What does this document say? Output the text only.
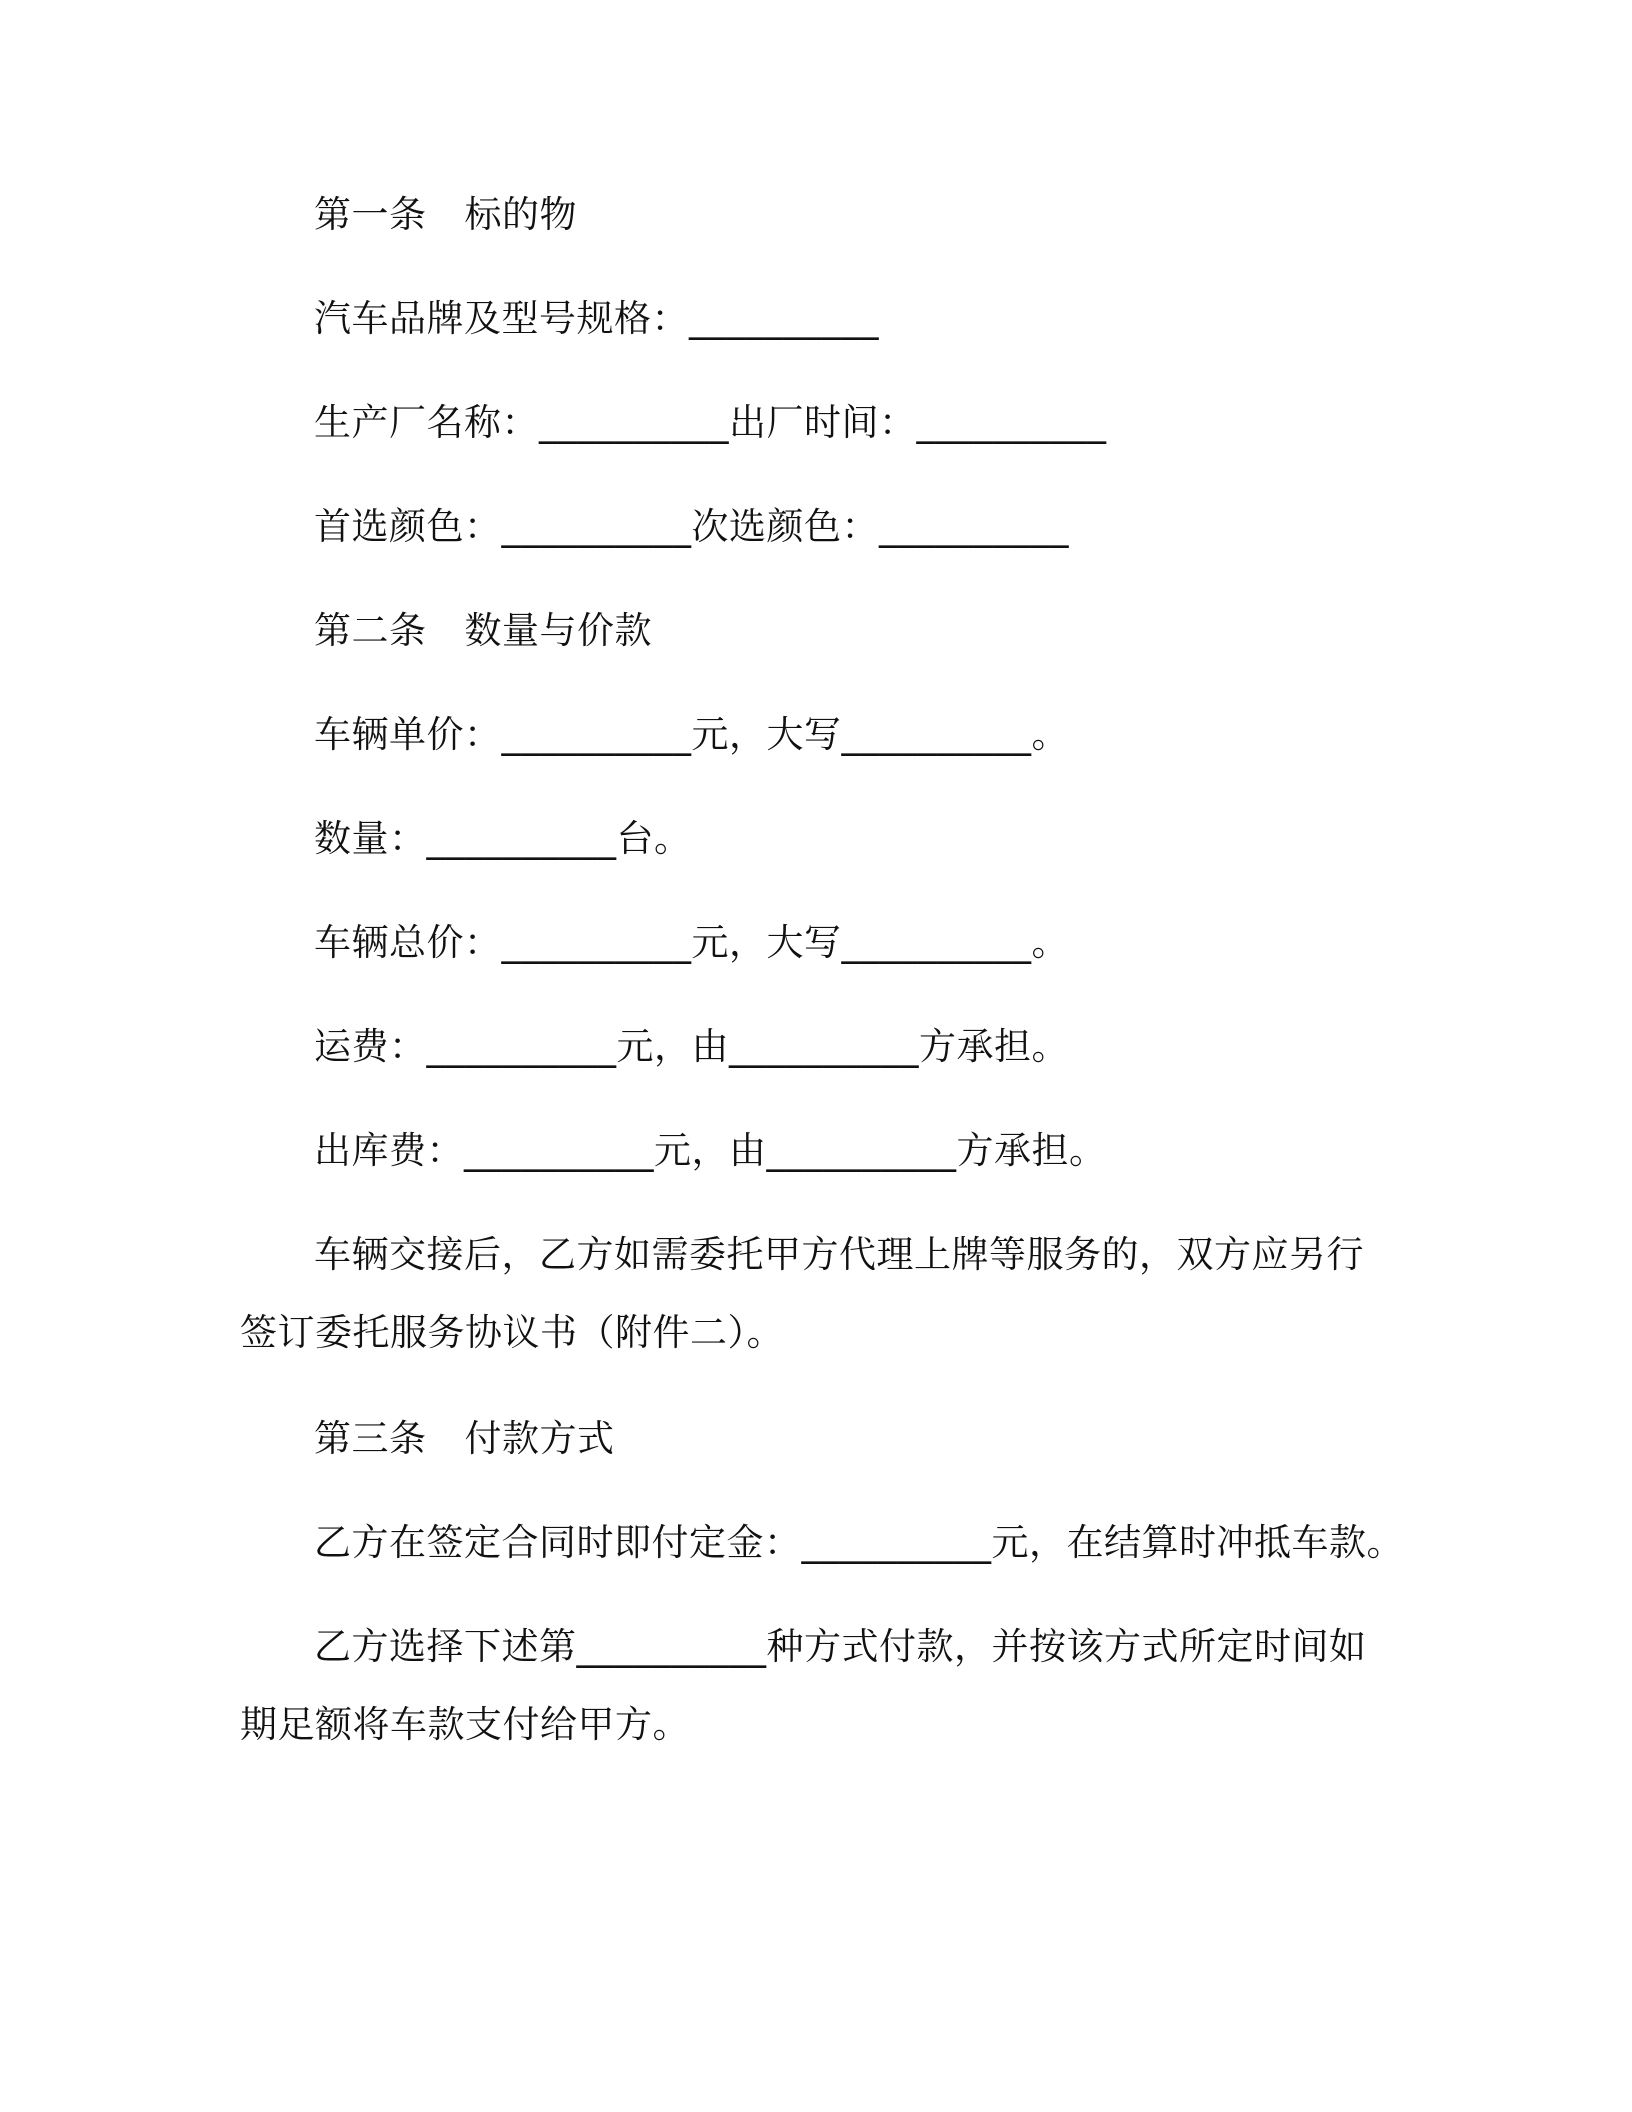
第一条 标的物
汽车品牌及型号规格：__________
生产厂名称：__________出厂时间：__________
首选颜色：__________次选颜色：__________
第二条 数量与价款
车辆单价：__________元，大写__________。
数量：__________台。
车辆总价：__________元，大写__________。
运费：__________元，由__________方承担。
出库费：__________元，由__________方承担。
车辆交接后，乙方如需委托甲方代理上牌等服务的，双方应另行签订委托服务协议书（附件二）。
第三条 付款方式
乙方在签定合同时即付定金：__________元，在结算时冲抵车款。
乙方选择下述第__________种方式付款，并按该方式所定时间如期足额将车款支付给甲方。
